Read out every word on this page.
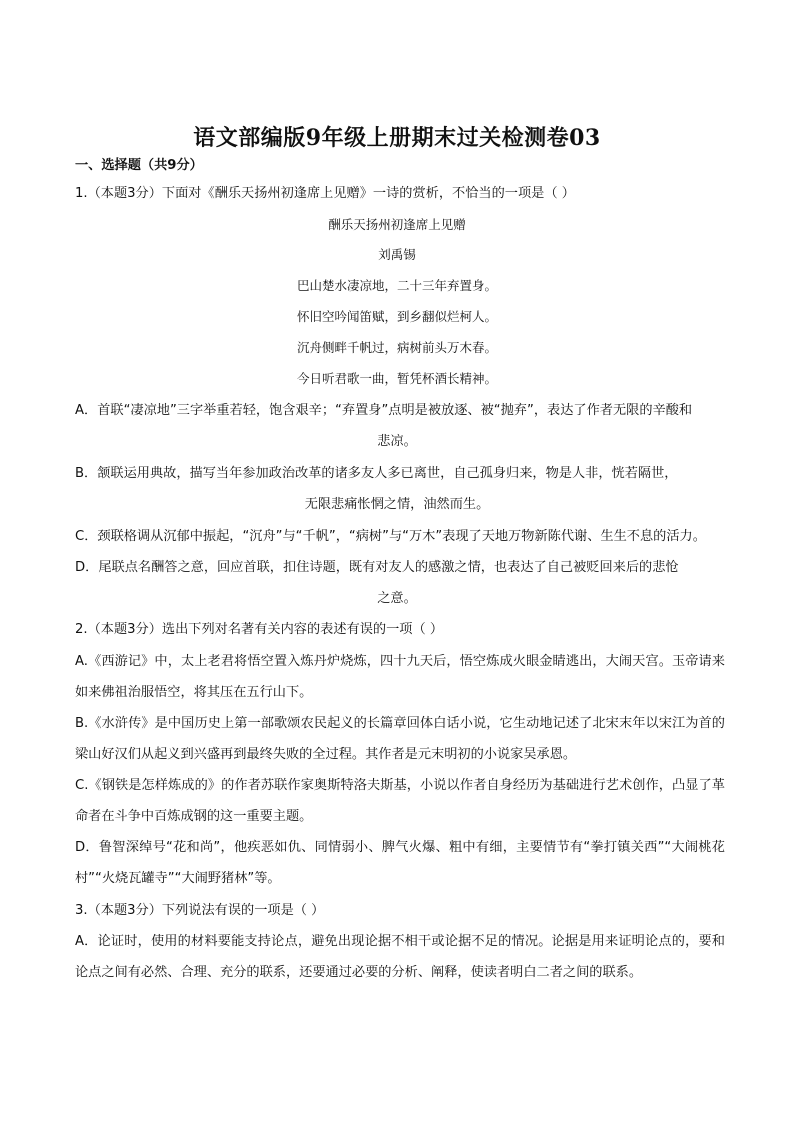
语文部编版9年级上册期末过关检测卷03
一、选择题（共9分）
1.（本题3分）下面对《酬乐天扬州初逢席上见赠》一诗的赏析，不恰当的一项是（ ）
酬乐天扬州初逢席上见赠
刘禹锡
巴山楚水凄凉地，二十三年弃置身。
怀旧空吟闻笛赋，到乡翻似烂柯人。
沉舟侧畔千帆过，病树前头万木春。
今日听君歌一曲，暂凭杯酒长精神。
A．首联“凄凉地”三字举重若轻，饱含艰辛；“弃置身”点明是被放逐、被“抛弃”，表达了作者无限的辛酸和
悲凉。
B．颔联运用典故，描写当年参加政治改革的诸多友人多已离世，自己孤身归来，物是人非，恍若隔世，
无限悲痛怅惘之情，油然而生。
C．颈联格调从沉郁中振起，“沉舟”与“千帆”，“病树”与“万木”表现了天地万物新陈代谢、生生不息的活力。
D．尾联点名酬答之意，回应首联，扣住诗题，既有对友人的感激之情，也表达了自己被贬回来后的悲怆
之意。
2.（本题3分）选出下列对名著有关内容的表述有误的一项（ ）
A.《西游记》中，太上老君将悟空置入炼丹炉烧炼，四十九天后，悟空炼成火眼金睛逃出，大闹天宫。玉帝请来如来佛祖治服悟空，将其压在五行山下。
B.《水浒传》是中国历史上第一部歌颂农民起义的长篇章回体白话小说，它生动地记述了北宋末年以宋江为首的梁山好汉们从起义到兴盛再到最终失败的全过程。其作者是元末明初的小说家吴承恩。
C.《钢铁是怎样炼成的》的作者苏联作家奥斯特洛夫斯基，小说以作者自身经历为基础进行艺术创作，凸显了革命者在斗争中百炼成钢的这一重要主题。
D．鲁智深绰号“花和尚”，他疾恶如仇、同情弱小、脾气火爆、粗中有细，主要情节有“拳打镇关西”“大闹桃花村”“火烧瓦罐寺”“大闹野猪林”等。
3.（本题3分）下列说法有误的一项是（ ）
A．论证时，使用的材料要能支持论点，避免出现论据不相干或论据不足的情况。论据是用来证明论点的，要和论点之间有必然、合理、充分的联系，还要通过必要的分析、阐释，使读者明白二者之间的联系。
